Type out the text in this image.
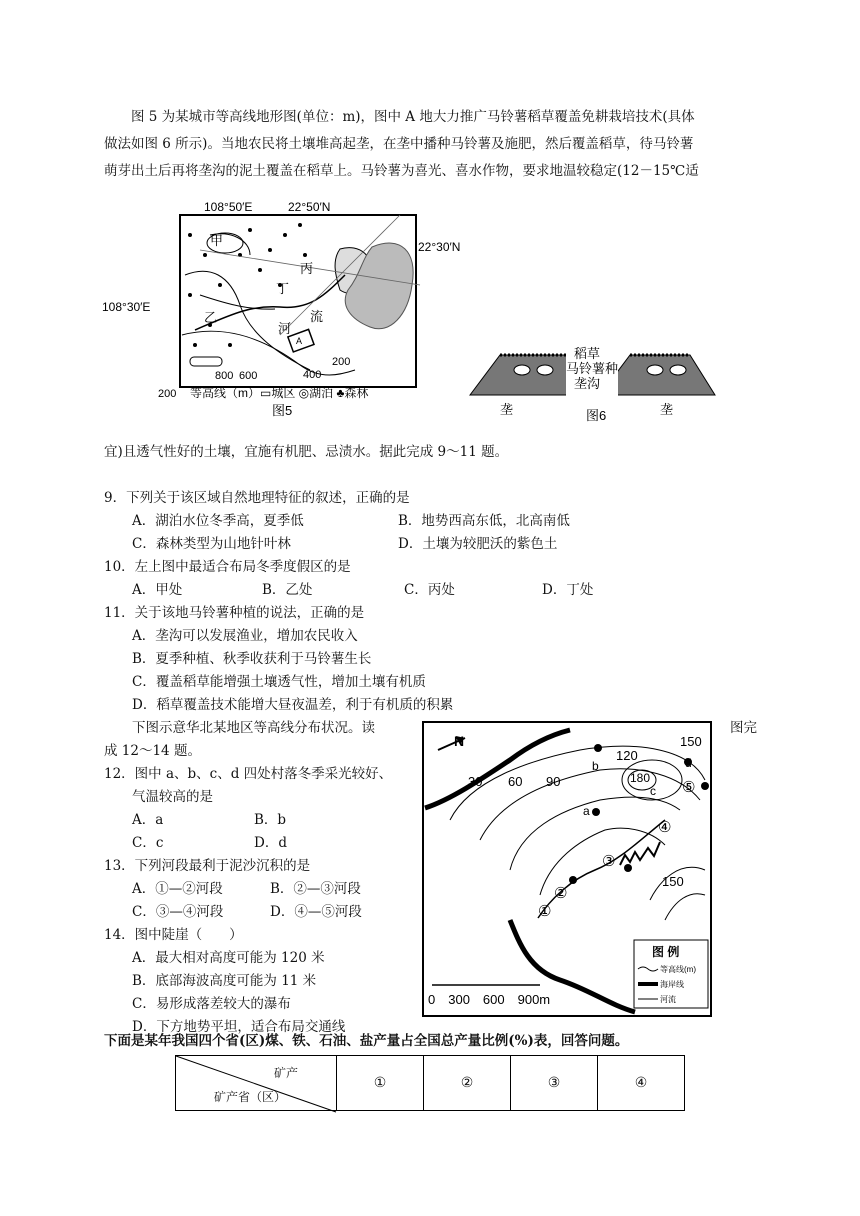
图 5 为某城市等高线地形图(单位：m)，图中 A 地大力推广马铃薯稻草覆盖免耕栽培技术(具体
做法如图 6 所示)。当地农民将土壤堆高起垄，在垄中播种马铃薯及施肥，然后覆盖稻草，待马铃薯
萌芽出土后再将垄沟的泥土覆盖在稻草上。马铃薯为喜光、喜水作物，要求地温较稳定(12－15℃适
108°50′E	22°50′N
22°30′N
108°30′E
甲
乙
丙
丁
河
流
A
200
400
800 600
200 等高线（m）▭城区 ◎湖泊 ♣森林
图5
稻草
马铃薯种
垄沟
垄	垄
图6
宜)且透气性好的土壤，宜施有机肥、忌渍水。据此完成 9～11 题。
9．下列关于该区域自然地理特征的叙述，正确的是
A．湖泊水位冬季高，夏季低	B．地势西高东低，北高南低
C．森林类型为山地针叶林	D．土壤为较肥沃的紫色土
10．左上图中最适合布局冬季度假区的是
A．甲处	B．乙处	C．丙处	D．丁处
11．关于该地马铃薯种植的说法，正确的是
A．垄沟可以发展渔业，增加农民收入
B．夏季种植、秋季收获利于马铃薯生长
C．覆盖稻草能增强土壤透气性，增加土壤有机质
D．稻草覆盖技术能增大昼夜温差，利于有机质的积累
下图示意华北某地区等高线分布状况。读	图完
成 12～14 题。
12．图中 a、b、c、d 四处村落冬季采光较好、
气温较高的是
A．a	B．b
C．c	D．d
13．下列河段最利于泥沙沉积的是
A．①—②河段	B．②—③河段
C．③—④河段	D．④—⑤河段
14．图中陡崖（　　）
A．最大相对高度可能为 120 米
B．底部海波高度可能为 11 米
C．易形成落差较大的瀑布
D．下方地势平坦，适合布局交通线
N
30 60 90
120
150
180
150
b
a
c
d
①
②
③
④
⑤
图 例
等高线(m)
海岸线
河流
0　300　600　900m
下面是某年我国四个省(区)煤、铁、石油、盐产量占全国总产量比例(%)表，回答问题。
矿产
矿产省（区）
	①	②	③	④
